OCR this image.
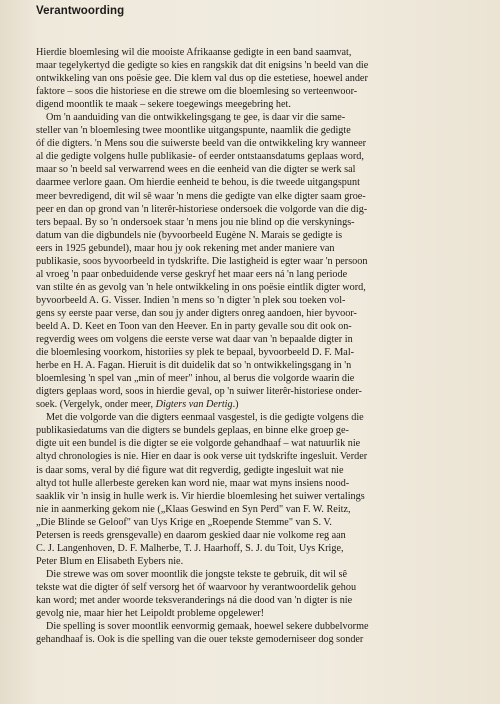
Verantwoording
Hierdie bloemlesing wil die mooiste Afrikaanse gedigte in een band saamvat,
maar tegelykertyd die gedigte so kies en rangskik dat dit enigsins 'n beeld van die
ontwikkeling van ons poësie gee. Die klem val dus op die estetiese, hoewel ander
faktore – soos die historiese en die strewe om die bloemlesing so verteenwoor-
digend moontlik te maak – sekere toegewings meegebring het.
Om 'n aanduiding van die ontwikkelingsgang te gee, is daar vir die same-
steller van 'n bloemlesing twee moontlike uitgangspunte, naamlik die gedigte
óf die digters. 'n Mens sou die suiwerste beeld van die ontwikkeling kry wanneer
al die gedigte volgens hulle publikasie- of eerder ontstaansdatums geplaas word,
maar so 'n beeld sal verwarrend wees en die eenheid van die digter se werk sal
daarmee verlore gaan. Om hierdie eenheid te behou, is die tweede uitgangspunt
meer bevredigend, dit wil sê waar 'n mens die gedigte van elke digter saam groe-
peer en dan op grond van 'n literêr-historiese ondersoek die volgorde van die dig-
ters bepaal. By so 'n ondersoek staar 'n mens jou nie blind op die verskynings-
datum van die digbundels nie (byvoorbeeld Eugène N. Marais se gedigte is
eers in 1925 gebundel), maar hou jy ook rekening met ander maniere van
publikasie, soos byvoorbeeld in tydskrifte. Die lastigheid is egter waar 'n persoon
al vroeg 'n paar onbeduidende verse geskryf het maar eers ná 'n lang periode
van stilte én as gevolg van 'n hele ontwikkeling in ons poësie eintlik digter word,
byvoorbeeld A. G. Visser. Indien 'n mens so 'n digter 'n plek sou toeken vol-
gens sy eerste paar verse, dan sou jy ander digters onreg aandoen, hier byvoor-
beeld A. D. Keet en Toon van den Heever. En in party gevalle sou dit ook on-
regverdig wees om volgens die eerste verse wat daar van 'n bepaalde digter in
die bloemlesing voorkom, historiies sy plek te bepaal, byvoorbeeld D. F. Mal-
herbe en H. A. Fagan. Hieruit is dit duidelik dat so 'n ontwikkelingsgang in 'n
bloemlesing 'n spel van „min of meer" inhou, al berus die volgorde waarin die
digters geplaas word, soos in hierdie geval, op 'n suiwer literêr-historiese onder-
soek. (Vergelyk, onder meer, Digters van Dertig.)
Met die volgorde van die digters eenmaal vasgestel, is die gedigte volgens die
publikasiedatums van die digters se bundels geplaas, en binne elke groep ge-
digte uit een bundel is die digter se eie volgorde gehandhaaf – wat natuurlik nie
altyd chronologies is nie. Hier en daar is ook verse uit tydskrifte ingesluit. Verder
is daar soms, veral by dié figure wat dit regverdig, gedigte ingesluit wat nie
altyd tot hulle allerbeste gereken kan word nie, maar wat myns insiens nood-
saaklik vir 'n insig in hulle werk is. Vir hierdie bloemlesing het suiwer vertalings
nie in aanmerking gekom nie („Klaas Geswind en Syn Perd" van F. W. Reitz,
„Die Blinde se Geloof" van Uys Krige en „Roepende Stemme" van S. V.
Petersen is reeds grensgevalle) en daarom geskied daar nie volkome reg aan
C. J. Langenhoven, D. F. Malherbe, T. J. Haarhoff, S. J. du Toit, Uys Krige,
Peter Blum en Elisabeth Eybers nie.
Die strewe was om sover moontlik die jongste tekste te gebruik, dit wil sê
tekste wat die digter óf self versorg het óf waarvoor hy verantwoordelik gehou
kan word; met ander woorde teksveranderings ná die dood van 'n digter is nie
gevolg nie, maar hier het Leipoldt probleme opgelewer!
Die spelling is sover moontlik eenvormig gemaak, hoewel sekere dubbelvorme
gehandhaaf is. Ook is die spelling van die ouer tekste gemoderniseer dog sonder
